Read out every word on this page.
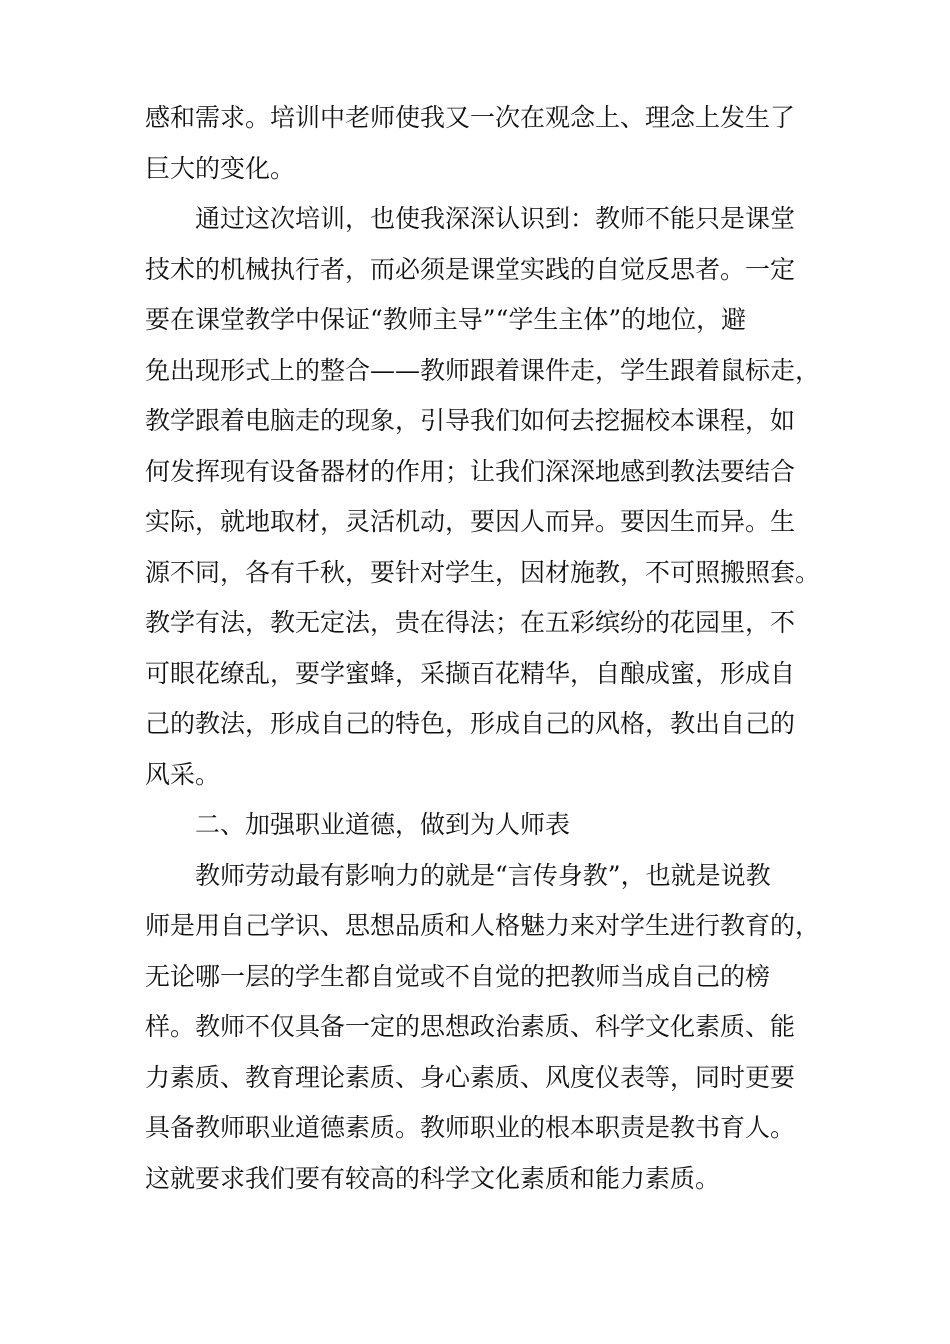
感和需求。培训中老师使我又一次在观念上、理念上发生了
巨大的变化。
通过这次培训，也使我深深认识到：教师不能只是课堂
技术的机械执行者，而必须是课堂实践的自觉反思者。一定
要在课堂教学中保证“教师主导”“学生主体”的地位，避
免出现形式上的整合——教师跟着课件走，学生跟着鼠标走，
教学跟着电脑走的现象，引导我们如何去挖掘校本课程，如
何发挥现有设备器材的作用；让我们深深地感到教法要结合
实际，就地取材，灵活机动，要因人而异。要因生而异。生
源不同，各有千秋，要针对学生，因材施教，不可照搬照套。
教学有法，教无定法，贵在得法；在五彩缤纷的花园里，不
可眼花缭乱，要学蜜蜂，采撷百花精华，自酿成蜜，形成自
己的教法，形成自己的特色，形成自己的风格，教出自己的
风采。
二、加强职业道德，做到为人师表
教师劳动最有影响力的就是“言传身教”，也就是说教
师是用自己学识、思想品质和人格魅力来对学生进行教育的，
无论哪一层的学生都自觉或不自觉的把教师当成自己的榜
样。教师不仅具备一定的思想政治素质、科学文化素质、能
力素质、教育理论素质、身心素质、风度仪表等，同时更要
具备教师职业道德素质。教师职业的根本职责是教书育人。
这就要求我们要有较高的科学文化素质和能力素质。
